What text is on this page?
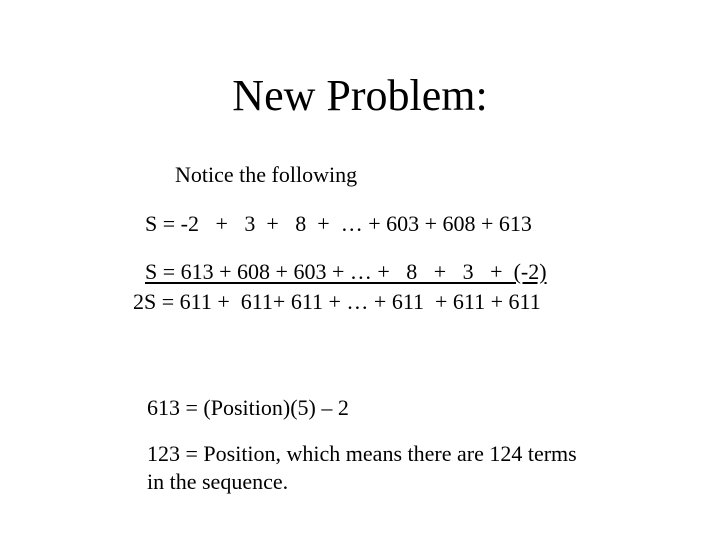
New Problem:
Notice the following
S = -2   +   3  +   8  +  … + 603 + 608 + 613
S = 613 + 608 + 603 + … +   8   +   3   +  (-2)
2S = 611 +  611+ 611 + … + 611  + 611 + 611
613 = (Position)(5) – 2
123 = Position, which means there are 124 terms in the sequence.
